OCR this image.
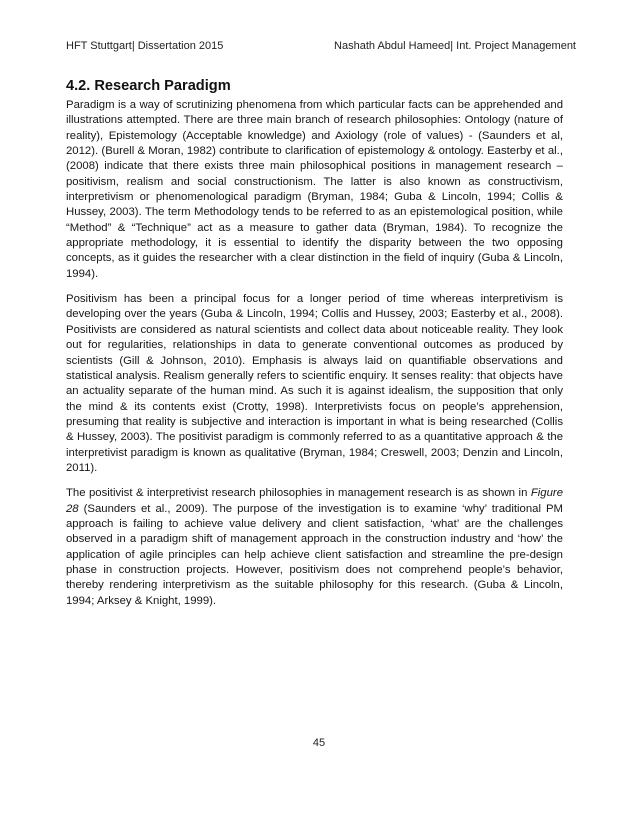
HFT Stuttgart| Dissertation 2015	Nashath Abdul Hameed| Int. Project Management
4.2. Research Paradigm

Paradigm is a way of scrutinizing phenomena from which particular facts can be apprehended and illustrations attempted. There are three main branch of research philosophies: Ontology (nature of reality), Epistemology (Acceptable knowledge) and Axiology (role of values) - (Saunders et al, 2012). (Burell & Moran, 1982) contribute to clarification of epistemology & ontology. Easterby et al., (2008) indicate that there exists three main philosophical positions in management research – positivism, realism and social constructionism. The latter is also known as constructivism, interpretivism or phenomenological paradigm (Bryman, 1984; Guba & Lincoln, 1994; Collis & Hussey, 2003). The term Methodology tends to be referred to as an epistemological position, while “Method” & “Technique” act as a measure to gather data (Bryman, 1984). To recognize the appropriate methodology, it is essential to identify the disparity between the two opposing concepts, as it guides the researcher with a clear distinction in the field of inquiry (Guba & Lincoln, 1994).

Positivism has been a principal focus for a longer period of time whereas interpretivism is developing over the years (Guba & Lincoln, 1994; Collis and Hussey, 2003; Easterby et al., 2008). Positivists are considered as natural scientists and collect data about noticeable reality. They look out for regularities, relationships in data to generate conventional outcomes as produced by scientists (Gill & Johnson, 2010). Emphasis is always laid on quantifiable observations and statistical analysis. Realism generally refers to scientific enquiry. It senses reality: that objects have an actuality separate of the human mind. As such it is against idealism, the supposition that only the mind & its contents exist (Crotty, 1998). Interpretivists focus on people’s apprehension, presuming that reality is subjective and interaction is important in what is being researched (Collis & Hussey, 2003). The positivist paradigm is commonly referred to as a quantitative approach & the interpretivist paradigm is known as qualitative (Bryman, 1984; Creswell, 2003; Denzin and Lincoln, 2011).

The positivist & interpretivist research philosophies in management research is as shown in Figure 28 (Saunders et al., 2009). The purpose of the investigation is to examine ‘why’ traditional PM approach is failing to achieve value delivery and client satisfaction, ‘what’ are the challenges observed in a paradigm shift of management approach in the construction industry and ‘how’ the application of agile principles can help achieve client satisfaction and streamline the pre-design phase in construction projects. However, positivism does not comprehend people’s behavior, thereby rendering interpretivism as the suitable philosophy for this research. (Guba & Lincoln, 1994; Arksey & Knight, 1999).

45
